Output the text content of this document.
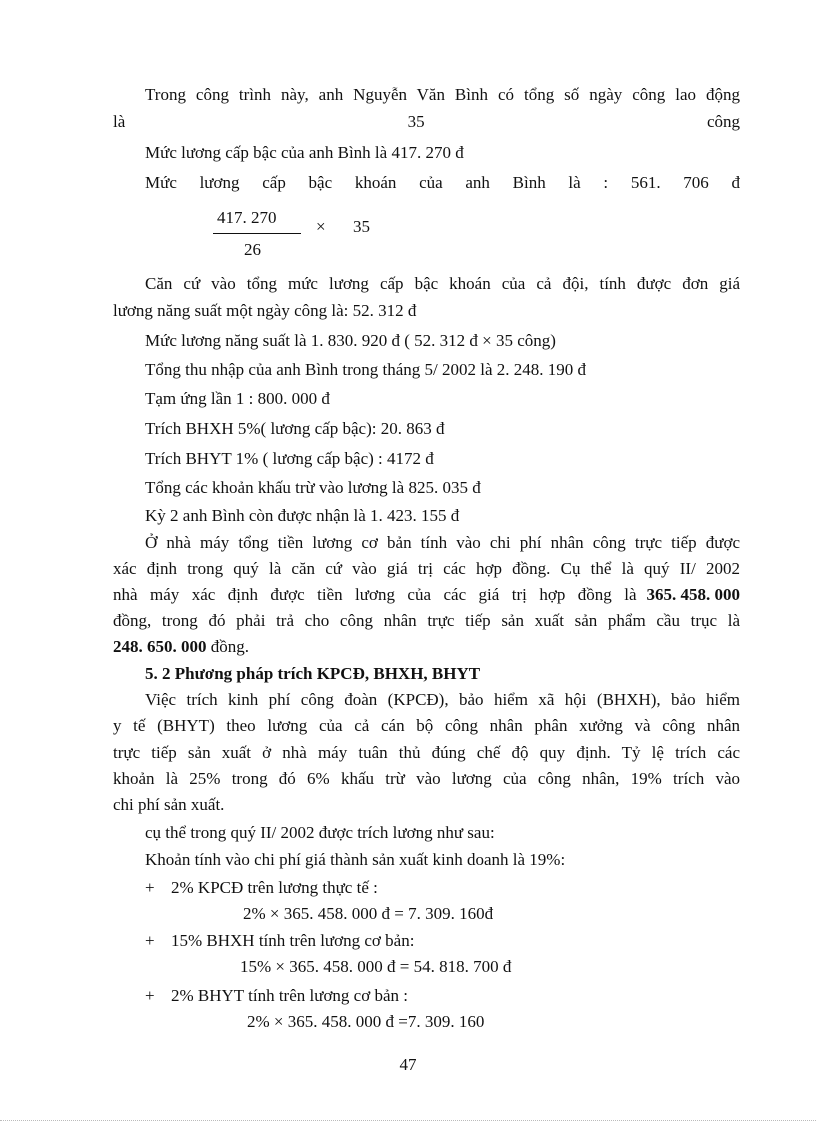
Trong công trình này, anh Nguyễn Văn Bình có tổng số ngày công lao động
là	35	công
Mức lương cấp bậc của anh Bình là 417. 270 đ
Mức lương cấp bậc khoán của anh Bình là : 561. 706 đ
417. 270
26
× 35
Căn cứ vào tổng mức lương cấp bậc khoán của cả đội, tính được đơn giá
lương năng suất một ngày công là: 52. 312 đ
Mức lương năng suất là 1. 830. 920 đ ( 52. 312 đ × 35 công)
Tổng thu nhập của anh Bình trong tháng 5/ 2002 là 2. 248. 190 đ
Tạm ứng lần 1 : 800. 000 đ
Trích BHXH 5%( lương cấp bậc): 20. 863 đ
Trích BHYT 1% ( lương cấp bậc) : 4172 đ
Tổng các khoản khấu trừ vào lương là 825. 035 đ
Kỳ 2 anh Bình còn được nhận là 1. 423. 155 đ
Ở nhà máy tổng tiền lương cơ bản tính vào chi phí nhân công trực tiếp được
xác định trong quý là căn cứ vào giá trị các hợp đồng. Cụ thể là quý II/ 2002
nhà máy xác định được tiền lương của các giá trị hợp đồng là 365. 458. 000
đồng, trong đó phải trả cho công nhân trực tiếp sản xuất sản phẩm cầu trục là
248. 650. 000 đồng.
5. 2 Phương pháp trích KPCĐ, BHXH, BHYT
Việc trích kinh phí công đoàn (KPCĐ), bảo hiểm xã hội (BHXH), bảo hiểm
y tế (BHYT) theo lương của cả cán bộ công nhân phân xưởng và công nhân
trực tiếp sản xuất ở nhà máy tuân thủ đúng chế độ quy định. Tỷ lệ trích các
khoản là 25% trong đó 6% khấu trừ vào lương của công nhân, 19% trích vào
chi phí sản xuất.
cụ thể trong quý II/ 2002 được trích lương như sau:
Khoản tính vào chi phí giá thành sản xuất kinh doanh là 19%:
+ 2% KPCĐ trên lương thực tế :
2% × 365. 458. 000 đ = 7. 309. 160đ
+ 15% BHXH tính trên lương cơ bản:
15% × 365. 458. 000 đ = 54. 818. 700 đ
+ 2% BHYT tính trên lương cơ bản :
2% × 365. 458. 000 đ =7. 309. 160
47
